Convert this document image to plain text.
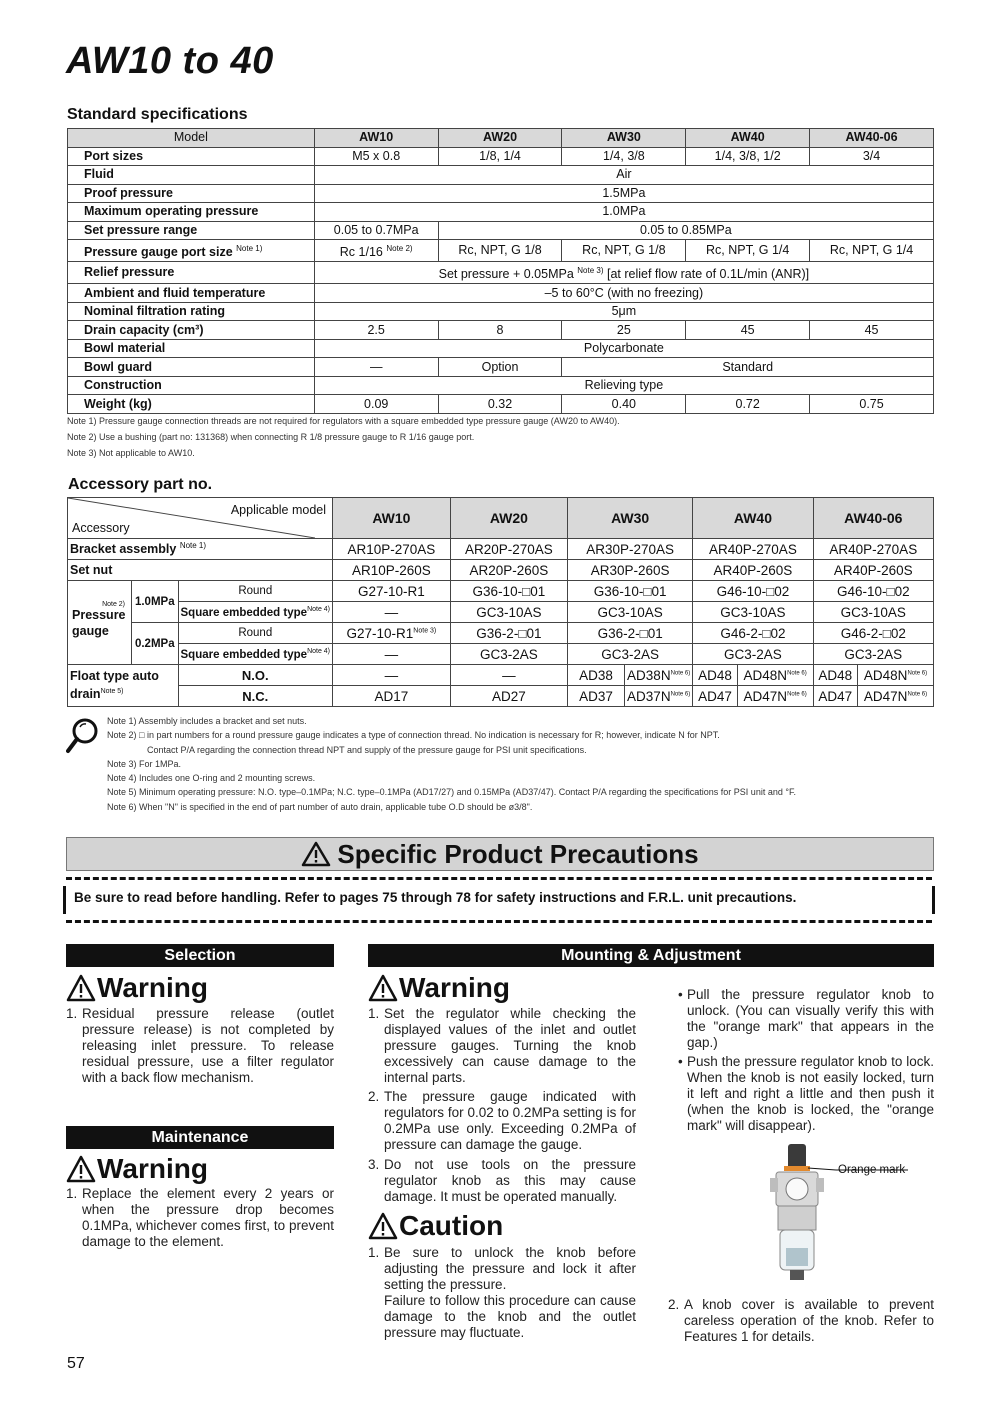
AW10 to 40
Standard specifications
Model	AW10	AW20	AW30	AW40	AW40-06
Port sizes	M5 x 0.8	1/8, 1/4	1/4, 3/8	1/4, 3/8, 1/2	3/4
Fluid	Air				
Proof pressure	1.5MPa				
Maximum operating pressure	1.0MPa				
Set pressure range	0.05 to 0.7MPa	0.05 to 0.85MPa			
Pressure gauge port size $^{Note 1)}$	Rc 1/16 $^{Note 2)}$	Rc, NPT, G 1/8	Rc, NPT, G 1/8	Rc, NPT, G 1/4	Rc, NPT, G 1/4
Relief pressure	Set pressure + 0.05MPa $^{Note 3)}$ [at relief flow rate of 0.1L/min (ANR)]				
Ambient and fluid temperature	–5 to 60°C (with no freezing)				
Nominal filtration rating	5μm				
Drain capacity (cm³)	2.5	8	25	45	45
Bowl material	Polycarbonate				
Bowl guard	—	Option	Standard		
Construction	Relieving type				
Weight (kg)	0.09	0.32	0.40	0.72	0.75
Note 1) Pressure gauge connection threads are not required for regulators with a square embedded type pressure gauge (AW20 to AW40).
Note 2) Use a bushing (part no: 131368) when connecting R 1/8 pressure gauge to R 1/16 gauge port.
Note 3) Not applicable to AW10.
Accessory part no.
Applicable model
Accessory			AW10	AW20	AW30		AW40		AW40-06	
Bracket assembly $^{Note 1)}$			AR10P-270AS	AR20P-270AS	AR30P-270AS		AR40P-270AS		AR40P-270AS	
Set nut			AR10P-260S	AR20P-260S	AR30P-260S		AR40P-260S		AR40P-260S	

Note 2)
Pressure gauge	1.0MPa	Round	G27-10-R1	G36-10-□01	G36-10-□01		G46-10-□02		G46-10-□02	
		Square embedded type$^{Note 4)}$	—	GC3-10AS	GC3-10AS		GC3-10AS		GC3-10AS	
	0.2MPa	Round	$G27-10-R1^{Note 3)}$	G36-2-□01	G36-2-□01		G46-2-□02		G46-2-□02	
		Square embedded type$^{Note 4)}$	—	GC3-2AS	GC3-2AS		GC3-2AS		GC3-2AS	
Float type auto drain$^{Note 5)}$		N.O.	—	—	AD38	$AD38N^{Note 6)}$	AD48	$AD48N^{Note 6)}$	AD48	$AD48N^{Note 6)}$
		N.C.	AD17	AD27	AD37	$AD37N^{Note 6)}$	AD47	$AD47N^{Note 6)}$	AD47	$AD47N^{Note 6)}$
Note 1) Assembly includes a bracket and set nuts.
Note 2) □ in part numbers for a round pressure gauge indicates a type of connection thread. No indication is necessary for R; however, indicate N for NPT.
Contact P/A regarding the connection thread NPT and supply of the pressure gauge for PSI unit specifications.
Note 3) For 1MPa.
Note 4) Includes one O-ring and 2 mounting screws.
Note 5) Minimum operating pressure: N.O. type–0.1MPa; N.C. type–0.1MPa (AD17/27) and 0.15MPa (AD37/47). Contact P/A regarding the specifications for PSI unit and °F.
Note 6) When "N" is specified in the end of part number of auto drain, applicable tube O.D should be ø3/8".
Specific Product Precautions
Be sure to read before handling. Refer to pages 75 through 78 for safety instructions and F.R.L. unit precautions.
Selection
Warning
1. Residual pressure release (outlet pressure release) is not completed by releasing inlet pressure. To release residual pressure, use a filter regulator with a back flow mechanism.
Maintenance
Warning
1. Replace the element every 2 years or when the pressure drop becomes 0.1MPa, whichever comes first, to prevent damage to the element.
Mounting & Adjustment
Warning
1. Set the regulator while checking the displayed values of the inlet and outlet pressure gauges. Turning the knob excessively can cause damage to the internal parts.
2. The pressure gauge indicated with regulators for 0.02 to 0.2MPa setting is for 0.2MPa use only. Exceeding 0.2MPa of pressure can damage the gauge.
3. Do not use tools on the pressure regulator knob as this may cause damage. It must be operated manually.
Caution
1. Be sure to unlock the knob before adjusting the pressure and lock it after setting the pressure.
Failure to follow this procedure can cause damage to the knob and the outlet pressure may fluctuate.
• Pull the pressure regulator knob to unlock. (You can visually verify this with the "orange mark" that appears in the gap.)
• Push the pressure regulator knob to lock. When the knob is not easily locked, turn it left and right a little and then push it (when the knob is locked, the "orange mark" will disappear).
Orange mark
2. A knob cover is available to prevent careless operation of the knob. Refer to Features 1 for details.
57
